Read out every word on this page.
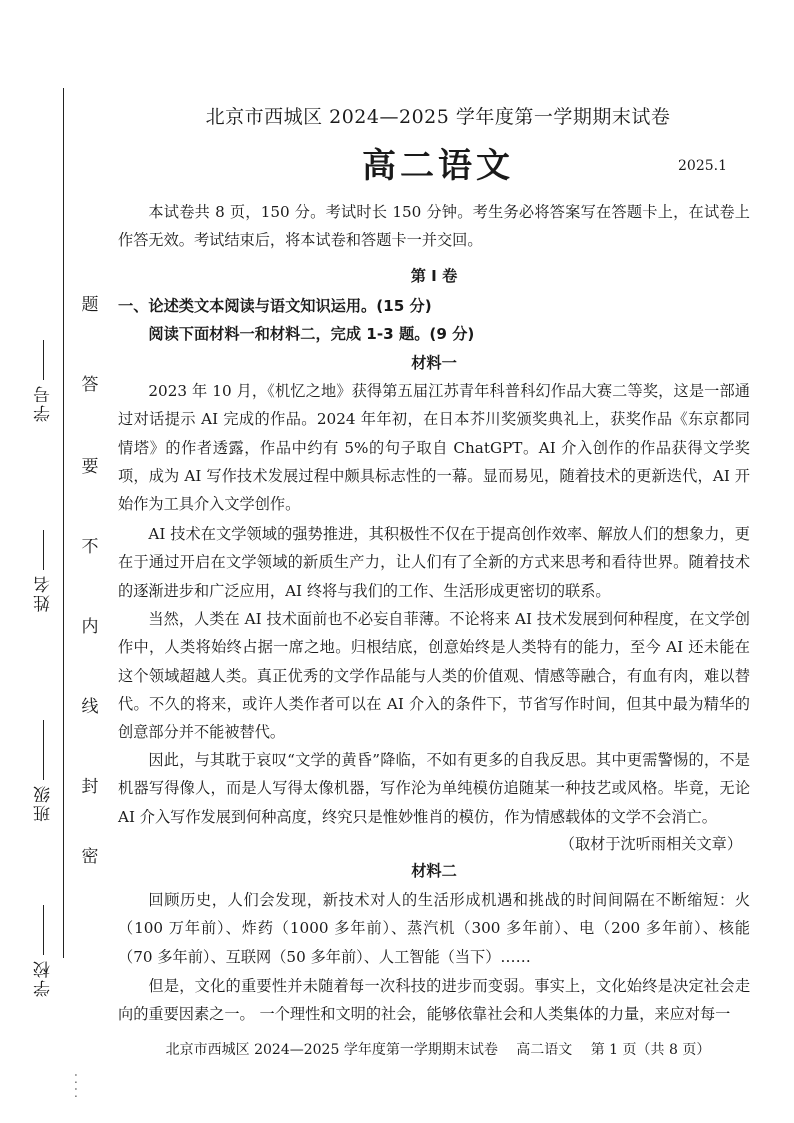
学号
姓名
班级
学校
题
答
要
不
内
线
封
密
北京市西城区 2024—2025 学年度第一学期期末试卷
高二语文	2025.1
本试卷共 8 页，150 分。考试时长 150 分钟。考生务必将答案写在答题卡上，在试卷上作答无效。考试结束后，将本试卷和答题卡一并交回。
第 Ⅰ 卷
一、论述类文本阅读与语文知识运用。(15 分)
阅读下面材料一和材料二，完成 1-3 题。(9 分)
材料一
2023 年 10 月，《机忆之地》获得第五届江苏青年科普科幻作品大赛二等奖，这是一部通过对话提示 AI 完成的作品。2024 年年初，在日本芥川奖颁奖典礼上，获奖作品《东京都同情塔》的作者透露，作品中约有 5%的句子取自 ChatGPT。AI 介入创作的作品获得文学奖项，成为 AI 写作技术发展过程中颇具标志性的一幕。显而易见，随着技术的更新迭代，AI 开始作为工具介入文学创作。
AI 技术在文学领域的强势推进，其积极性不仅在于提高创作效率、解放人们的想象力，更在于通过开启在文学领域的新质生产力，让人们有了全新的方式来思考和看待世界。随着技术的逐渐进步和广泛应用，AI 终将与我们的工作、生活形成更密切的联系。
当然，人类在 AI 技术面前也不必妄自菲薄。不论将来 AI 技术发展到何种程度，在文学创作中，人类将始终占据一席之地。归根结底，创意始终是人类特有的能力，至今 AI 还未能在这个领域超越人类。真正优秀的文学作品能与人类的价值观、情感等融合，有血有肉，难以替代。不久的将来，或许人类作者可以在 AI 介入的条件下，节省写作时间，但其中最为精华的创意部分并不能被替代。
因此，与其耽于哀叹“文学的黄昏”降临，不如有更多的自我反思。其中更需警惕的，不是机器写得像人，而是人写得太像机器，写作沦为单纯模仿追随某一种技艺或风格。毕竟，无论 AI 介入写作发展到何种高度，终究只是惟妙惟肖的模仿，作为情感载体的文学不会消亡。
（取材于沈听雨相关文章）
材料二
回顾历史，人们会发现，新技术对人的生活形成机遇和挑战的时间间隔在不断缩短：火（100 万年前）、炸药（1000 多年前）、蒸汽机（300 多年前）、电（200 多年前）、核能（70 多年前）、互联网（50 多年前）、人工智能（当下）……
但是，文化的重要性并未随着每一次科技的进步而变弱。事实上，文化始终是决定社会走向的重要因素之一。 一个理性和文明的社会，能够依靠社会和人类集体的力量，来应对每一
北京市西城区 2024—2025 学年度第一学期期末试卷　 高二语文　 第 1 页（共 8 页）
⁚
⁚
